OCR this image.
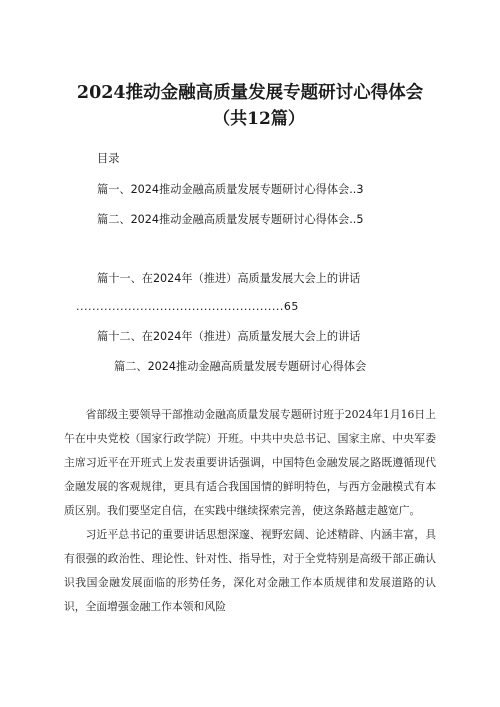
2024推动金融高质量发展专题研讨心得体会
（共12篇）
目录
篇一、2024推动金融高质量发展专题研讨心得体会..3
篇二、2024推动金融高质量发展专题研讨心得体会..5
篇十一、在2024年（推进）高质量发展大会上的讲话
....................................................65
篇十二、在2024年（推进）高质量发展大会上的讲话
篇二、2024推动金融高质量发展专题研讨心得体会

省部级主要领导干部推动金融高质量发展专题研讨班于2024年1月16日上午在中央党校（国家行政学院）开班。中共中央总书记、国家主席、中央军委主席习近平在开班式上发表重要讲话强调，中国特色金融发展之路既遵循现代金融发展的客观规律，更具有适合我国国情的鲜明特色，与西方金融模式有本质区别。我们要坚定自信，在实践中继续探索完善，使这条路越走越宽广。

习近平总书记的重要讲话思想深邃、视野宏阔、论述精辟、内涵丰富，具有很强的政治性、理论性、针对性、指导性，对于全党特别是高级干部正确认识我国金融发展面临的形势任务，深化对金融工作本质规律和发展道路的认识，全面增强金融工作本领和风险
